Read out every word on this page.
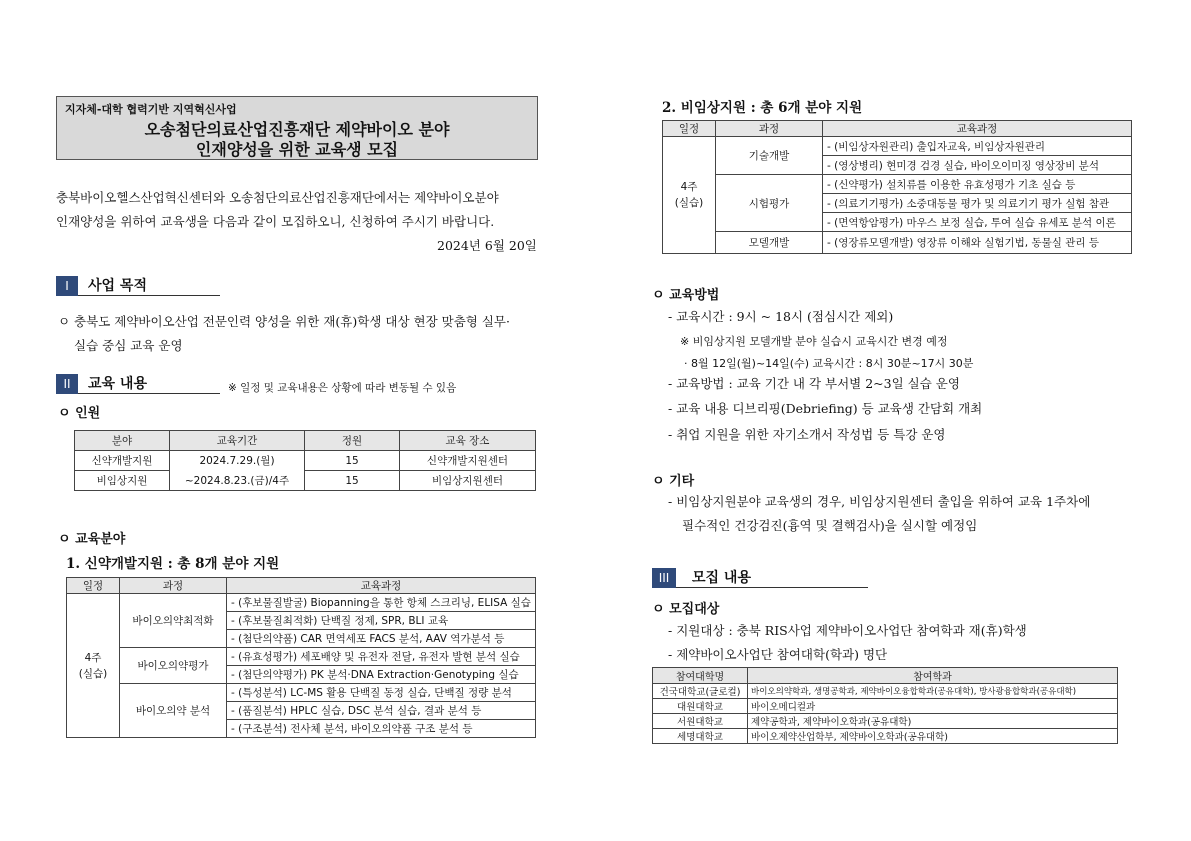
지자체-대학 협력기반 지역혁신사업
오송첨단의료산업진흥재단 제약바이오 분야
인재양성을 위한 교육생 모집
충북바이오헬스산업혁신센터와 오송첨단의료산업진흥재단에서는 제약바이오분야
인재양성을 위하여 교육생을 다음과 같이 모집하오니, 신청하여 주시기 바랍니다.
2024년 6월 20일
I	사업 목적
ㅇ 충북도 제약바이오산업 전문인력 양성을 위한 재(휴)학생 대상 현장 맞춤형 실무·
실습 중심 교육 운영
II	교육 내용	※ 일정 및 교육내용은 상황에 따라 변동될 수 있음
ㅇ 인원
분야	교육기간	정원	교육 장소
신약개발지원	2024.7.29.(월)	15	신약개발지원센터
비임상지원	~2024.8.23.(금)/4주	15	비임상지원센터
ㅇ 교육분야
1. 신약개발지원 : 총 8개 분야 지원
일정	과정	교육과정
4주
(실습)	바이오의약최적화	- (후보물질발굴) Biopanning을 통한 항체 스크리닝, ELISA 실습
		- (후보물질최적화) 단백질 정제, SPR, BLI 교육
		- (첨단의약품) CAR 면역세포 FACS 분석, AAV 역가분석 등
	바이오의약평가	- (유효성평가) 세포배양 및 유전자 전달, 유전자 발현 분석 실습
		- (첨단의약평가) PK 분석·DNA Extraction·Genotyping 실습
	바이오의약 분석	- (특성분석) LC-MS 활용 단백질 동정 실습, 단백질 정량 분석
		- (품질분석) HPLC 실습, DSC 분석 실습, 결과 분석 등
		- (구조분석) 전사체 분석, 바이오의약품 구조 분석 등
2. 비임상지원 : 총 6개 분야 지원
일정	과정	교육과정
4주
(실습)	기술개발	- (비임상자원관리) 출입자교육, 비임상자원관리
		- (영상병리) 현미경 검경 실습, 바이오이미징 영상장비 분석
	시험평가	- (신약평가) 설치류를 이용한 유효성평가 기초 실습 등
		- (의료기기평가) 소중대동물 평가 및 의료기기 평가 실험 참관
		- (면역항암평가) 마우스 보정 실습, 투여 실습 유세포 분석 이론
	모델개발	- (영장류모델개발) 영장류 이해와 실험기법, 동물실 관리 등
ㅇ 교육방법
- 교육시간 : 9시 ~ 18시 (점심시간 제외)
※ 비임상지원 모델개발 분야 실습시 교육시간 변경 예정
· 8월 12일(월)~14일(수) 교육시간 : 8시 30분~17시 30분
- 교육방법 : 교육 기간 내 각 부서별 2~3일 실습 운영
- 교육 내용 디브리핑(Debriefing) 등 교육생 간담회 개최
- 취업 지원을 위한 자기소개서 작성법 등 특강 운영
ㅇ 기타
- 비임상지원분야 교육생의 경우, 비임상지원센터 출입을 위하여 교육 1주차에
필수적인 건강검진(흉역 및 결핵검사)을 실시할 예정임
III	모집 내용
ㅇ 모집대상
- 지원대상 : 충북 RIS사업 제약바이오사업단 참여학과 재(휴)학생
- 제약바이오사업단 참여대학(학과) 명단
참여대학명	참여학과
건국대학교(글로컬)	바이오의약학과, 생명공학과, 제약바이오융합학과(공유대학), 방사광융합학과(공유대학)
대원대학교	바이오메디컬과
서원대학교	제약공학과, 제약바이오학과(공유대학)
세명대학교	바이오제약산업학부, 제약바이오학과(공유대학)
